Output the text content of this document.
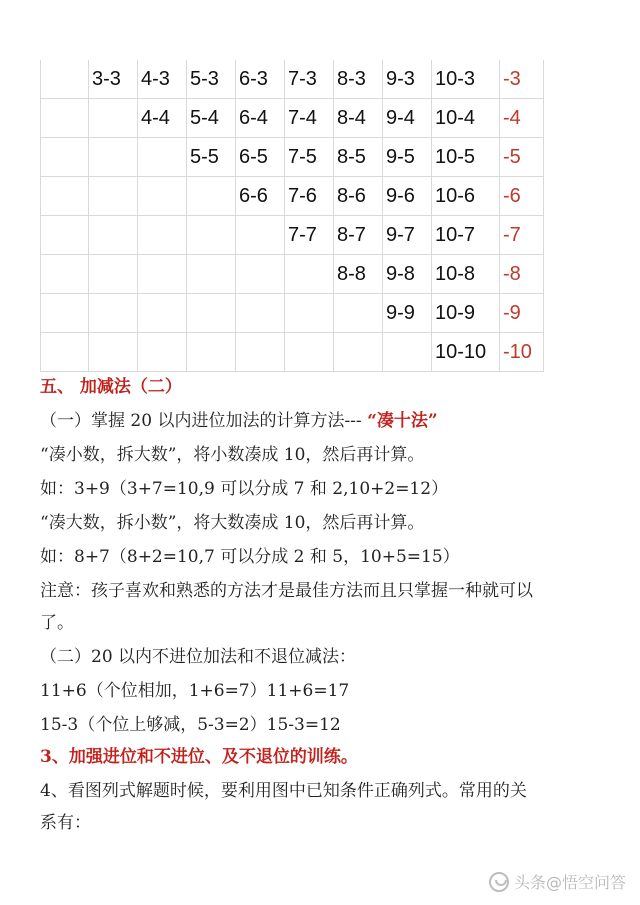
	3-3	4-3	5-3	6-3	7-3	8-3	9-3	10-3	-3
		4-4	5-4	6-4	7-4	8-4	9-4	10-4	-4
			5-5	6-5	7-5	8-5	9-5	10-5	-5
				6-6	7-6	8-6	9-6	10-6	-6
					7-7	8-7	9-7	10-7	-7
						8-8	9-8	10-8	-8
							9-9	10-9	-9
								10-10	-10
五、 加减法（二）
（一）掌握 20 以内进位加法的计算方法--- “凑十法”
“凑小数，拆大数”，将小数凑成 10，然后再计算。
如：3+9（3+7=10,9 可以分成 7 和 2,10+2=12）
“凑大数，拆小数”，将大数凑成 10，然后再计算。
如：8+7（8+2=10,7 可以分成 2 和 5，10+5=15）
注意：孩子喜欢和熟悉的方法才是最佳方法而且只掌握一种就可以
了。
（二）20 以内不进位加法和不退位减法：
11+6（个位相加，1+6=7）11+6=17
15-3（个位上够减，5-3=2）15-3=12
3、加强进位和不进位、及不退位的训练。
4、看图列式解题时候，要利用图中已知条件正确列式。常用的关
系有：
头条@悟空问答
